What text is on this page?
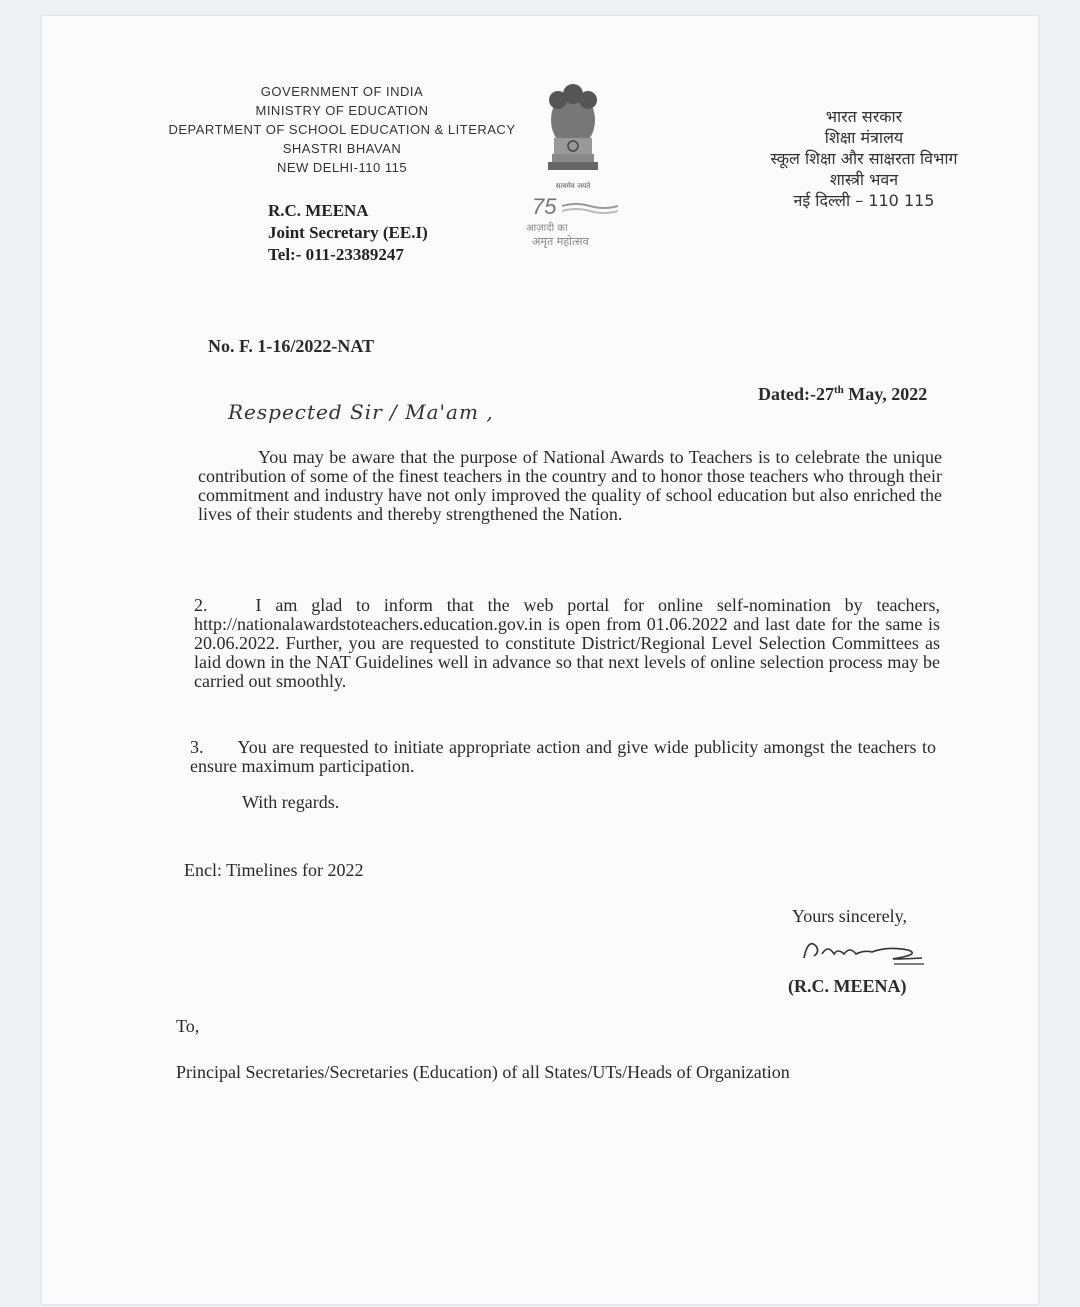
GOVERNMENT OF INDIA
MINISTRY OF EDUCATION
DEPARTMENT OF SCHOOL EDUCATION & LITERACY
SHASTRI BHAVAN
NEW DELHI-110 115
सत्यमेव जयते
75
आज़ादी का
अमृत महोत्सव
भारत सरकार
शिक्षा मंत्रालय
स्कूल शिक्षा और साक्षरता विभाग
शास्त्री भवन
नई दिल्ली – 110 115
R.C. MEENA
Joint Secretary (EE.I)
Tel:- 011-23389247
No. F. 1-16/2022-NAT
Dated:-27th May, 2022
Respected Sir / Ma'am ,
You may be aware that the purpose of National Awards to Teachers is to celebrate the unique contribution of some of the finest teachers in the country and to honor those teachers who through their commitment and industry have not only improved the quality of school education but also enriched the lives of their students and thereby strengthened the Nation.
2.	I am glad to inform that the web portal for online self-nomination by teachers, http://nationalawardstoteachers.education.gov.in is open from 01.06.2022 and last date for the same is 20.06.2022. Further, you are requested to constitute District/Regional Level Selection Committees as laid down in the NAT Guidelines well in advance so that next levels of online selection process may be carried out smoothly.
3. You are requested to initiate appropriate action and give wide publicity amongst the teachers to ensure maximum participation.
With regards.
Encl: Timelines for 2022
Yours sincerely,
(R.C. MEENA)
To,
Principal Secretaries/Secretaries (Education) of all States/UTs/Heads of Organization
